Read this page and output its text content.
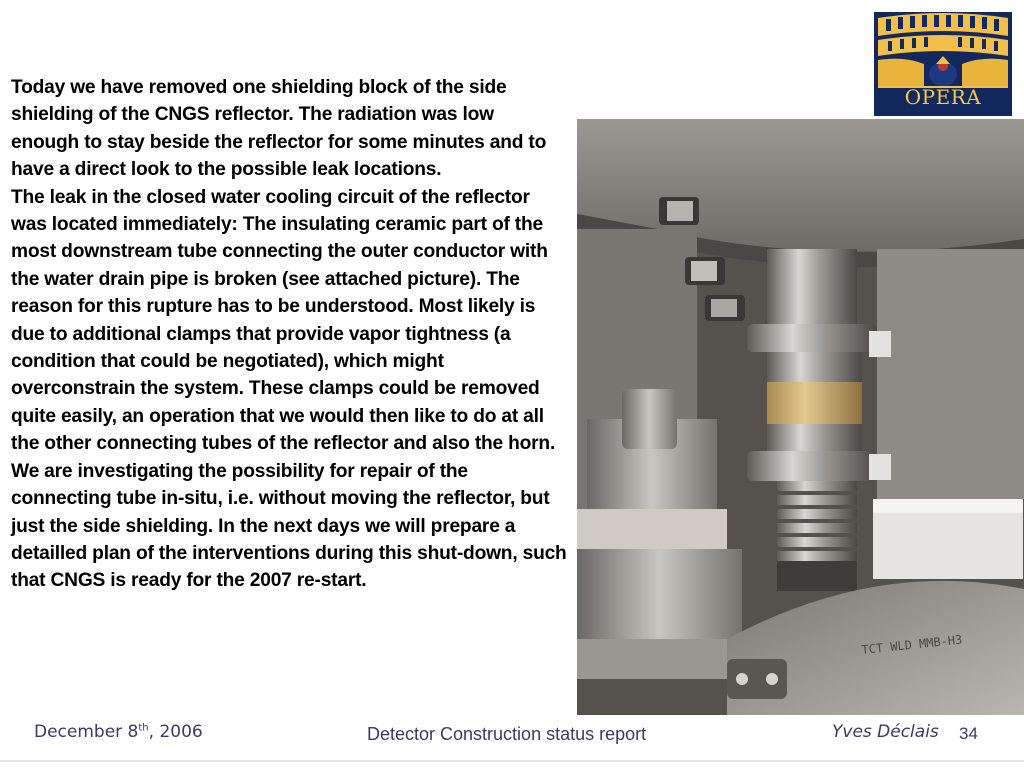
Today we have removed one shielding block of the side shielding of the CNGS reflector. The radiation was low enough to stay beside the reflector for some minutes and to have a direct look to the possible leak locations.

The leak in the closed water cooling circuit of the reflector was located immediately: The insulating ceramic part of the most downstream tube connecting the outer conductor with the water drain pipe is broken (see attached picture). The reason for this rupture has to be understood. Most likely is due to additional clamps that provide vapor tightness (a condition that could be negotiated), which might overconstrain the system. These clamps could be removed quite easily, an operation that we would then like to do at all the other connecting tubes of the reflector and also the horn.

We are investigating the possibility for repair of the connecting tube in-situ, i.e. without moving the reflector, but just the side shielding. In the next days we will prepare a detailled plan of the interventions during this shut-down, such that CNGS is ready for the 2007 re-start.

OPERA
TCT WLD MMB-H3
December 8th, 2006	Detector Construction status report	Yves Déclais 34
